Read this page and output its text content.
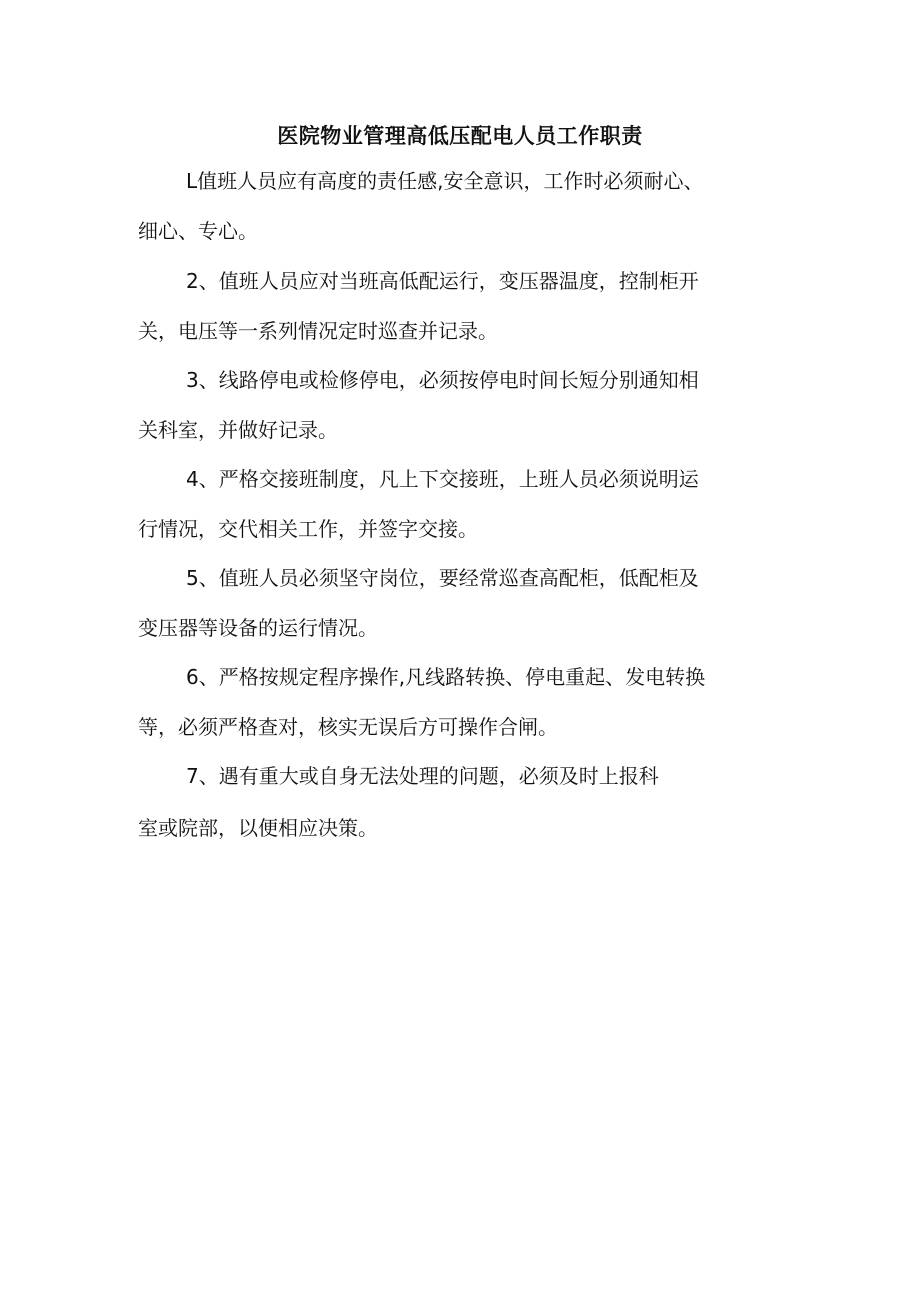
医院物业管理高低压配电人员工作职责
L值班人员应有高度的责任感,安全意识，工作时必须耐心、
细心、专心。
2、值班人员应对当班高低配运行，变压器温度，控制柜开
关，电压等一系列情况定时巡查并记录。
3、线路停电或检修停电，必须按停电时间长短分别通知相
关科室，并做好记录。
4、严格交接班制度，凡上下交接班，上班人员必须说明运
行情况，交代相关工作，并签字交接。
5、值班人员必须坚守岗位，要经常巡查高配柜，低配柜及
变压器等设备的运行情况。
6、严格按规定程序操作,凡线路转换、停电重起、发电转换
等，必须严格查对，核实无误后方可操作合闸。
7、遇有重大或自身无法处理的问题，必须及时上报科
室或院部，以便相应决策。
